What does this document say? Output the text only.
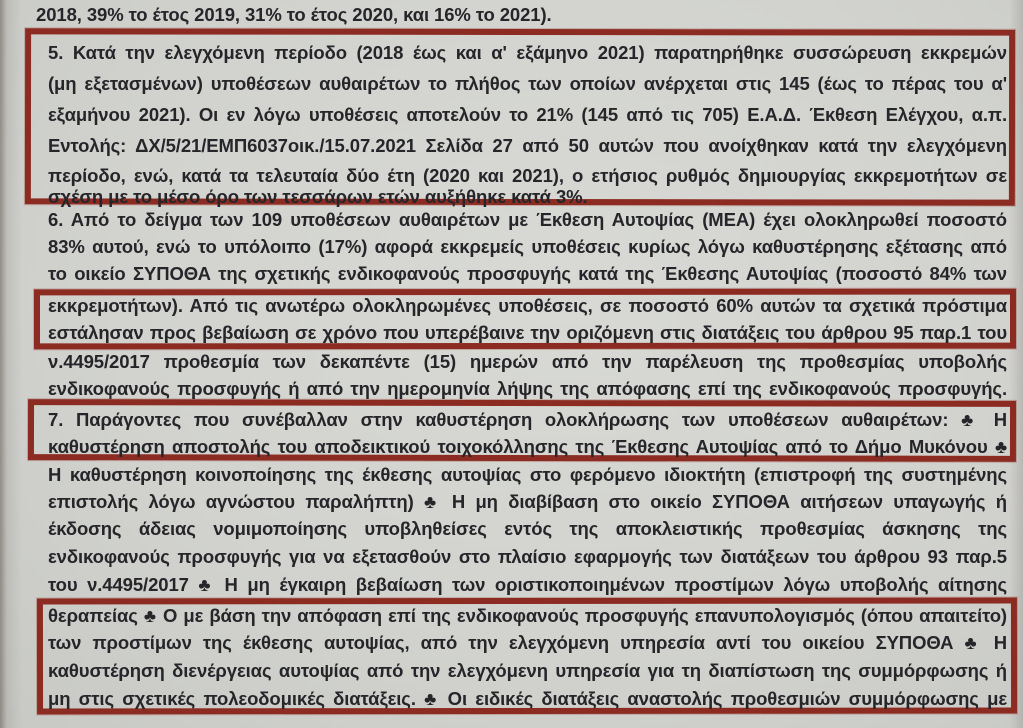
2018, 39% το έτος 2019, 31% το έτος 2020, και 16% το 2021).
5. Κατά την ελεγχόμενη περίοδο (2018 έως και α' εξάμηνο 2021) παρατηρήθηκε συσσώρευση εκκρεμών
(μη εξετασμένων) υποθέσεων αυθαιρέτων το πλήθος των οποίων ανέρχεται στις 145 (έως το πέρας του α'
εξαμήνου 2021). Οι εν λόγω υποθέσεις αποτελούν το 21% (145 από τις 705) Ε.Α.Δ. Έκθεση Ελέγχου, α.π.
Εντολής: ΔΧ/5/21/ΕΜΠ6037οικ./15.07.2021 Σελίδα 27 από 50 αυτών που ανοίχθηκαν κατά την ελεγχόμενη
περίοδο, ενώ, κατά τα τελευταία δύο έτη (2020 και 2021), ο ετήσιος ρυθμός δημιουργίας εκκρεμοτήτων σε
σχέση με το μέσο όρο των τεσσάρων ετών αυξήθηκε κατά 3%.
6. Από το δείγμα των 109 υποθέσεων αυθαιρέτων με Έκθεση Αυτοψίας (ΜΕΑ) έχει ολοκληρωθεί ποσοστό
83% αυτού, ενώ το υπόλοιπο (17%) αφορά εκκρεμείς υποθέσεις κυρίως λόγω καθυστέρησης εξέτασης από
το οικείο ΣΥΠΟΘΑ της σχετικής ενδικοφανούς προσφυγής κατά της Έκθεσης Αυτοψίας (ποσοστό 84% των
εκκρεμοτήτων). Από τις ανωτέρω ολοκληρωμένες υποθέσεις, σε ποσοστό 60% αυτών τα σχετικά πρόστιμα
εστάλησαν προς βεβαίωση σε χρόνο που υπερέβαινε την οριζόμενη στις διατάξεις του άρθρου 95 παρ.1 του
ν.4495/2017 προθεσμία των δεκαπέντε (15) ημερών από την παρέλευση της προθεσμίας υποβολής
ενδικοφανούς προσφυγής ή από την ημερομηνία λήψης της απόφασης επί της ενδικοφανούς προσφυγής.
7. Παράγοντες που συνέβαλλαν στην καθυστέρηση ολοκλήρωσης των υποθέσεων αυθαιρέτων: ♣ Η
καθυστέρηση αποστολής του αποδεικτικού τοιχοκόλλησης της Έκθεσης Αυτοψίας από το Δήμο Μυκόνου ♣
Η καθυστέρηση κοινοποίησης της έκθεσης αυτοψίας στο φερόμενο ιδιοκτήτη (επιστροφή της συστημένης
επιστολής λόγω αγνώστου παραλήπτη) ♣ Η μη διαβίβαση στο οικείο ΣΥΠΟΘΑ αιτήσεων υπαγωγής ή
έκδοσης άδειας νομιμοποίησης υποβληθείσες εντός της αποκλειστικής προθεσμίας άσκησης της
ενδικοφανούς προσφυγής για να εξετασθούν στο πλαίσιο εφαρμογής των διατάξεων του άρθρου 93 παρ.5
του ν.4495/2017 ♣ Η μη έγκαιρη βεβαίωση των οριστικοποιημένων προστίμων λόγω υποβολής αίτησης
θεραπείας ♣ Ο με βάση την απόφαση επί της ενδικοφανούς προσφυγής επανυπολογισμός (όπου απαιτείτο)
των προστίμων της έκθεσης αυτοψίας, από την ελεγχόμενη υπηρεσία αντί του οικείου ΣΥΠΟΘΑ ♣ Η
καθυστέρηση διενέργειας αυτοψίας από την ελεγχόμενη υπηρεσία για τη διαπίστωση της συμμόρφωσης ή
μη στις σχετικές πολεοδομικές διατάξεις. ♣ Οι ειδικές διατάξεις αναστολής προθεσμιών συμμόρφωσης με
